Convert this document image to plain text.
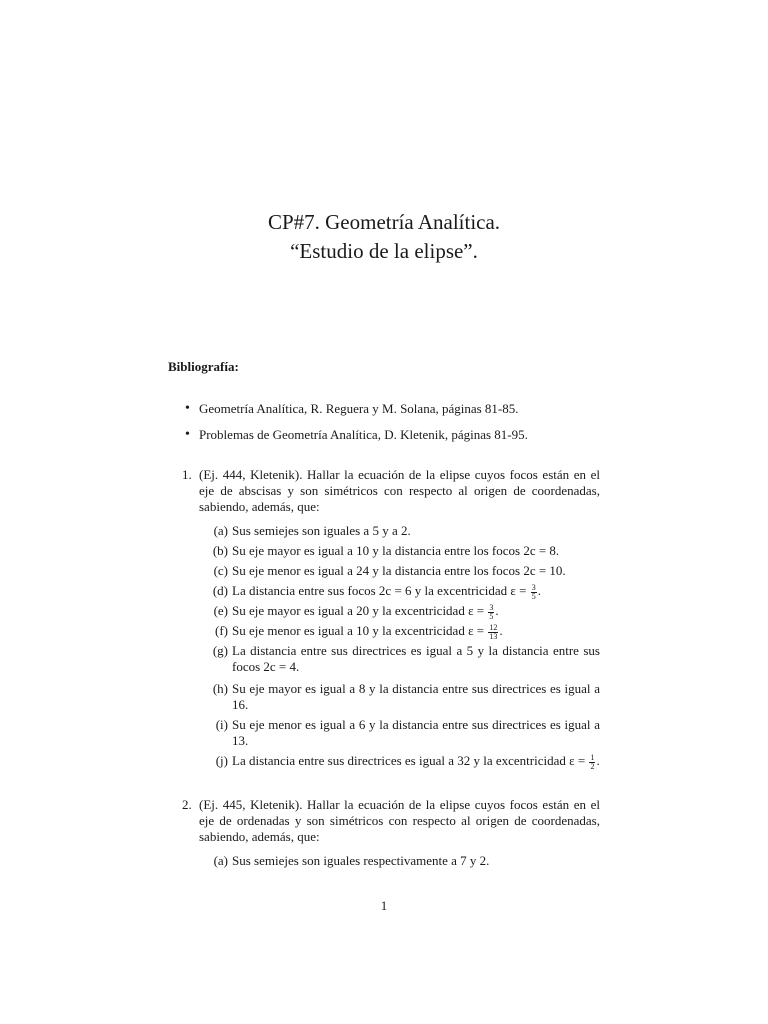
CP#7. Geometría Analítica.
“Estudio de la elipse”.
Bibliografía:
• Geometría Analítica, R. Reguera y M. Solana, páginas 81-85.
• Problemas de Geometría Analítica, D. Kletenik, páginas 81-95.
1. (Ej. 444, Kletenik). Hallar la ecuación de la elipse cuyos focos están en el eje de abscisas y son simétricos con respecto al origen de coordenadas, sabiendo, además, que:
(a) Sus semiejes son iguales a 5 y a 2.
(b) Su eje mayor es igual a 10 y la distancia entre los focos 2c = 8.
(c) Su eje menor es igual a 24 y la distancia entre los focos 2c = 10.
(d) La distancia entre sus focos 2c = 6 y la excentricidad $\varepsilon = \frac{3}{5}$ .
(e) Su eje mayor es igual a 20 y la excentricidad $\varepsilon = \frac{3}{5}$ .
(f) Su eje menor es igual a 10 y la excentricidad $\varepsilon = \frac{12}{13}$ .
(g) La distancia entre sus directrices es igual a 5 y la distancia entre sus focos 2c = 4.
(h) Su eje mayor es igual a 8 y la distancia entre sus directrices es igual a 16.
(i) Su eje menor es igual a 6 y la distancia entre sus directrices es igual a 13.
(j) La distancia entre sus directrices es igual a 32 y la excentricidad $\varepsilon = \frac{1}{2}$ .
2. (Ej. 445, Kletenik). Hallar la ecuación de la elipse cuyos focos están en el eje de ordenadas y son simétricos con respecto al origen de coordenadas, sabiendo, además, que:
(a) Sus semiejes son iguales respectivamente a 7 y 2.
1
